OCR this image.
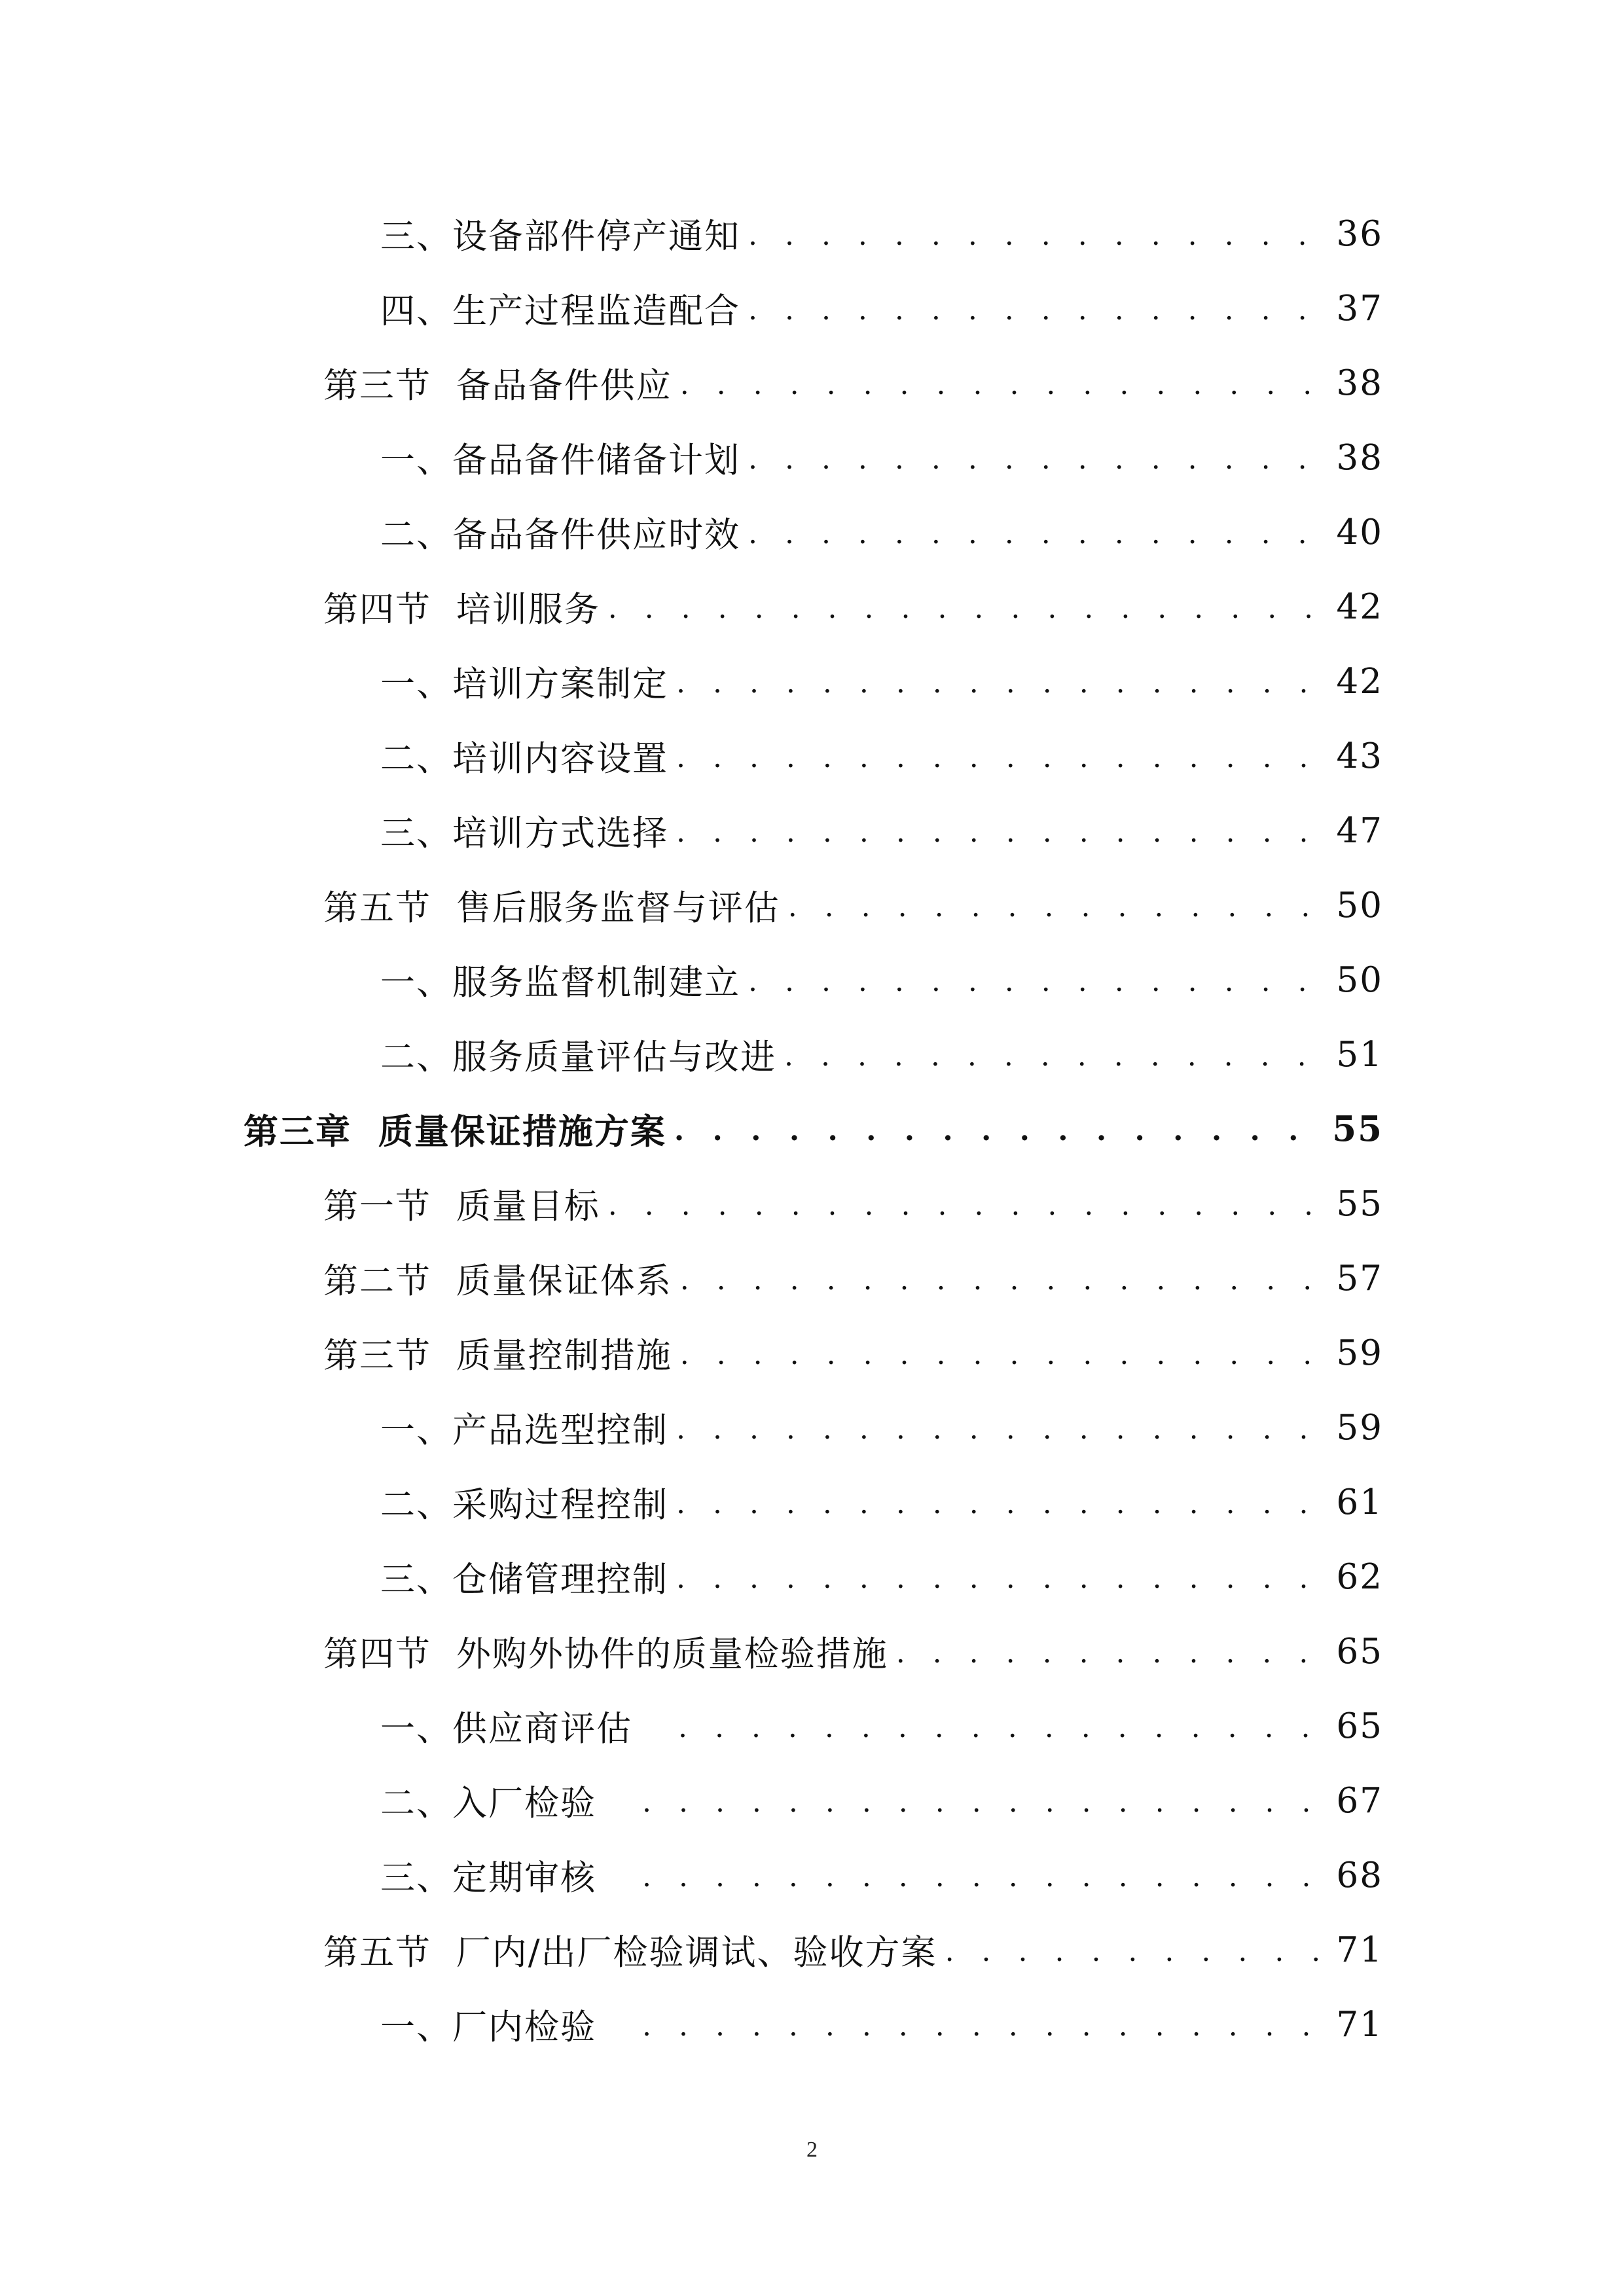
三、设备部件停产通知 . . .	36
四、生产过程监造配合 . . .	37
第三节  备品备件供应 . . .	38
一、备品备件储备计划 . . .	38
二、备品备件供应时效 . . .	40
第四节  培训服务 . . .	42
一、培训方案制定 . . .	42
二、培训内容设置 . . .	43
三、培训方式选择 . . .	47
第五节  售后服务监督与评估 . . .	50
一、服务监督机制建立 . . .	50
二、服务质量评估与改进 . . .	51
第三章  质量保证措施方案 . . .	55
第一节  质量目标 . . .	55
第二节  质量保证体系 . . .	57
第三节  质量控制措施 . . .	59
一、产品选型控制 . . .	59
二、采购过程控制 . . .	61
三、仓储管理控制 . . .	62
第四节  外购外协件的质量检验措施 . . .	65
一、供应商评估 . . .	65
二、入厂检验 . . .	67
三、定期审核 . . .	68
第五节  厂内/出厂检验调试、验收方案 . . .	71
一、厂内检验 . . .	71
2
